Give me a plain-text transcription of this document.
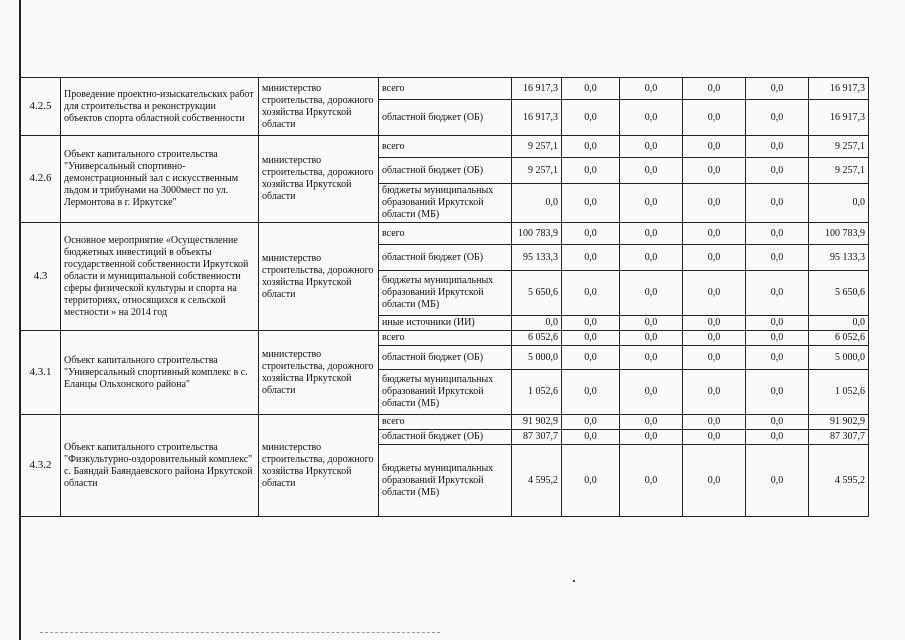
4.2.5	Проведение проектно-изыскательских работ для строительства и реконструкции объектов спорта областной собственности	министерство строительства, дорожного хозяйства Иркутской области	всего	16 917,3	0,0	0,0	0,0	0,0	16 917,3
			областной бюджет (ОБ)	16 917,3	0,0	0,0	0,0	0,0	16 917,3
4.2.6	Объект капитального строительства "Универсальный спортивно-демонстрационный зал с искусственным льдом и трибунами на 3000мест по ул. Лермонтова в г. Иркутске"	министерство строительства, дорожного хозяйства Иркутской области	всего	9 257,1	0,0	0,0	0,0	0,0	9 257,1
			областной бюджет (ОБ)	9 257,1	0,0	0,0	0,0	0,0	9 257,1
			бюджеты муниципальных образований Иркутской области (МБ)	0,0	0,0	0,0	0,0	0,0	0,0
4.3	Основное мероприятие «Осуществление бюджетных инвестиций в объекты государственной собственности Иркутской области и муниципальной собственности сферы физической культуры и спорта на территориях, относящихся к сельской местности » на 2014 год	министерство строительства, дорожного хозяйства Иркутской области	всего	100 783,9	0,0	0,0	0,0	0,0	100 783,9
			областной бюджет (ОБ)	95 133,3	0,0	0,0	0,0	0,0	95 133,3
			бюджеты муниципальных образований Иркутской области (МБ)	5 650,6	0,0	0,0	0,0	0,0	5 650,6
			иные источники (ИИ)	0,0	0,0	0,0	0,0	0,0	0,0
4.3.1	Объект капитального строительства "Универсальный спортивный комплекс в с. Еланцы Ольхонского района"	министерство строительства, дорожного хозяйства Иркутской области	всего	6 052,6	0,0	0,0	0,0	0,0	6 052,6
			областной бюджет (ОБ)	5 000,0	0,0	0,0	0,0	0,0	5 000,0
			бюджеты муниципальных образований Иркутской области (МБ)	1 052,6	0,0	0,0	0,0	0,0	1 052,6
4.3.2	Объект капитального строительства "Физкультурно-оздоровительный комплекс" с. Баяндай Баяндаевского района Иркутской области	министерство строительства, дорожного хозяйства Иркутской области	всего	91 902,9	0,0	0,0	0,0	0,0	91 902,9
			областной бюджет (ОБ)	87 307,7	0,0	0,0	0,0	0,0	87 307,7
			бюджеты муниципальных образований Иркутской области (МБ)	4 595,2	0,0	0,0	0,0	0,0	4 595,2
